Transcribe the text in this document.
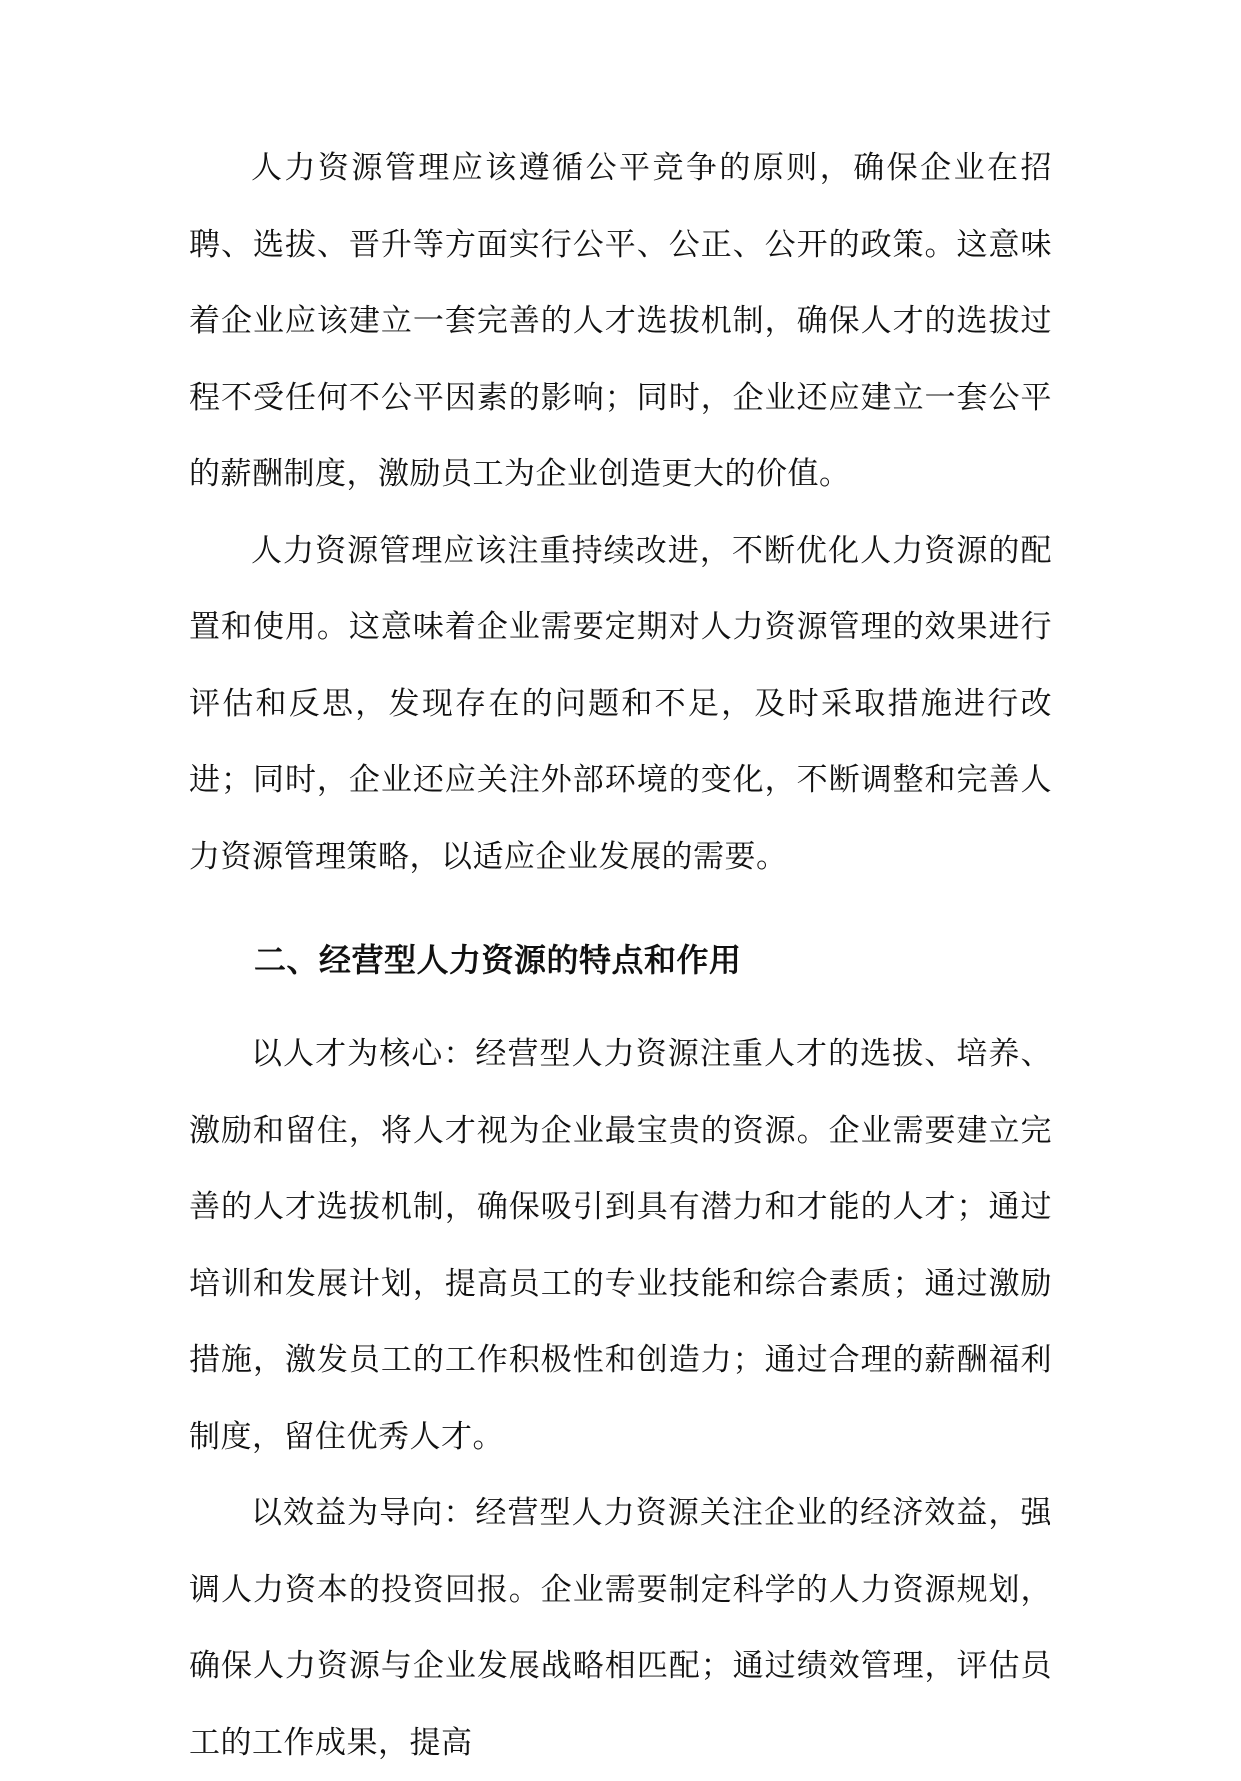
人力资源管理应该遵循公平竞争的原则，确保企业在招聘、选拔、晋升等方面实行公平、公正、公开的政策。这意味着企业应该建立一套完善的人才选拔机制，确保人才的选拔过程不受任何不公平因素的影响；同时，企业还应建立一套公平的薪酬制度，激励员工为企业创造更大的价值。

人力资源管理应该注重持续改进，不断优化人力资源的配置和使用。这意味着企业需要定期对人力资源管理的效果进行评估和反思，发现存在的问题和不足，及时采取措施进行改进；同时，企业还应关注外部环境的变化，不断调整和完善人力资源管理策略，以适应企业发展的需要。

二、经营型人力资源的特点和作用

以人才为核心：经营型人力资源注重人才的选拔、培养、激励和留住，将人才视为企业最宝贵的资源。企业需要建立完善的人才选拔机制，确保吸引到具有潜力和才能的人才；通过培训和发展计划，提高员工的专业技能和综合素质；通过激励措施，激发员工的工作积极性和创造力；通过合理的薪酬福利制度，留住优秀人才。

以效益为导向：经营型人力资源关注企业的经济效益，强调人力资本的投资回报。企业需要制定科学的人力资源规划，确保人力资源与企业发展战略相匹配；通过绩效管理，评估员工的工作成果，提高
